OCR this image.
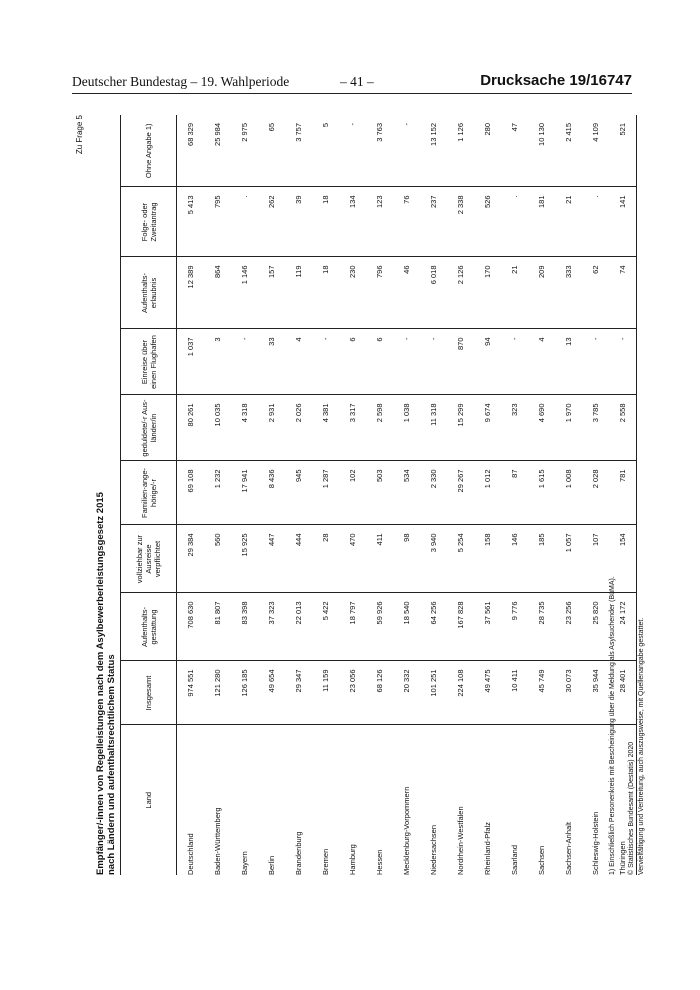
Deutscher Bundestag – 19. Wahlperiode	– 41 –	Drucksache 19/16747
Zu Frage 5
Empfänger/-innen von Regelleistungen nach dem Asylbewerberleistungsgesetz 2015 nach Ländern und aufenthaltsrechtlichem Status	Land	Insgesamt	Aufenthalts-gestattung	vollziehbar zur Ausreise verpflichtet	Familien-ange-hörige/-r	geduldete/-r Aus-länder/in	Einreise über einen Flughafen	Aufenthalts-erlaubnis	Folge- oder Zweitantrag	Ohne Angabe 1)
Deutschland	974 551	708 630	29 384	69 108	80 261	1 037	12 389	5 413	68 329
Baden-Württemberg	121 280	81 807	560	1 232	10 035	3	864	795	25 984
Bayern	126 185	83 398	15 925	17 941	4 318	-	1 146	.	2 975
Berlin	49 654	37 323	447	8 436	2 931	33	157	262	65
Brandenburg	29 347	22 013	444	945	2 026	4	119	39	3 757
Bremen	11 159	5 422	28	1 287	4 381	-	18	18	5
Hamburg	23 056	18 797	470	102	3 317	6	230	134	-
Hessen	68 126	59 926	411	503	2 598	6	796	123	3 763
Mecklenburg-Vorpommern	20 332	18 540	98	534	1 038	-	46	76	-
Niedersachsen	101 251	64 256	3 940	2 330	11 318	-	6 018	237	13 152
Nordrhein-Westfalen	224 108	167 828	5 254	29 267	15 299	870	2 126	2 338	1 126
Rheinland-Pfalz	49 475	37 561	158	1 012	9 674	94	170	526	280
Saarland	10 411	9 776	146	87	323	-	21	.	47
Sachsen	45 749	28 735	185	1 615	4 690	4	209	181	10 130
Sachsen-Anhalt	30 073	23 256	1 057	1 008	1 970	13	333	21	2 415
Schleswig-Holstein	35 944	25 820	107	2 028	3 785	-	62	.	4 109
Thüringen	28 401	24 172	154	781	2 558	-	74	141	521
1) Einschließlich Personenkreis mit Bescheinigung über die Meldung als Asylsuchender (BüMA). © Statistisches Bundesamt (Destatis) 2020 Vervielfältigung und Verbreitung, auch auszugsweise, mit Quellenangabe gestattet.
